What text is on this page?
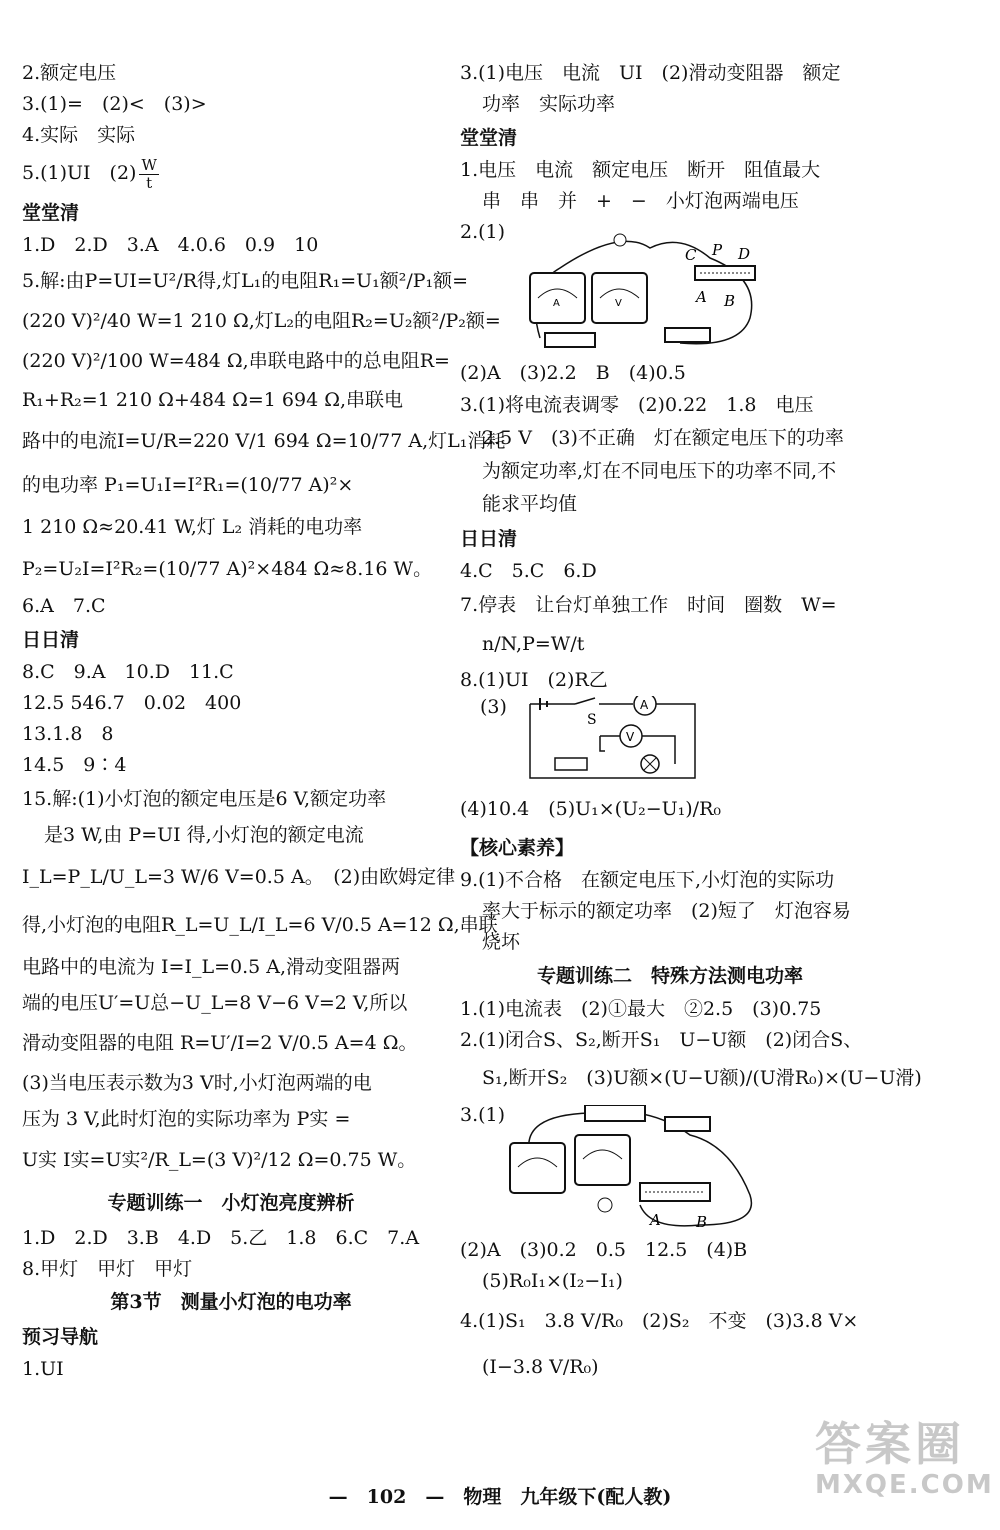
2.额定电压

3.(1)=　(2)<　(3)>

4.实际　实际

5.(1)UI　$(2) \frac{W}{t}$

堂堂清

1.D　2.D　3.A　4.0.6　0.9　10

5.解:由P=UI=U²/R得,灯L₁的电阻R₁=U₁额²/P₁额=

(220 V)²/40 W=1 210 Ω,灯L₂的电阻R₂=U₂额²/P₂额=

(220 V)²/100 W=484 Ω,串联电路中的总电阻R=

R₁+R₂=1 210 Ω+484 Ω=1 694 Ω,串联电

路中的电流I=U/R=220 V/1 694 Ω=10/77 A,灯L₁消耗

的电功率 P₁=U₁I=I²R₁=(10/77 A)²×

1 210 Ω≈20.41 W,灯 L₂ 消耗的电功率

P₂=U₂I=I²R₂=(10/77 A)²×484 Ω≈8.16 W。

6.A　7.C

日日清

8.C　9.A　10.D　11.C

12.5 546.7　0.02　400

13.1.8　8

14.5　9∶4

15.解:(1)小灯泡的额定电压是6 V,额定功率

是3 W,由 P=UI 得,小灯泡的额定电流

I_L=P_L/U_L=3 W/6 V=0.5 A。　(2)由欧姆定律

得,小灯泡的电阻R_L=U_L/I_L=6 V/0.5 A=12 Ω,串联

电路中的电流为 I=I_L=0.5 A,滑动变阻器两

端的电压U′=U总−U_L=8 V−6 V=2 V,所以

滑动变阻器的电阻 R=U′/I=2 V/0.5 A=4 Ω。

(3)当电压表示数为3 V时,小灯泡两端的电

压为 3 V,此时灯泡的实际功率为 P实 =

U实 I实=U实²/R_L=(3 V)²/12 Ω=0.75 W。

专题训练一　小灯泡亮度辨析

1.D　2.D　3.B　4.D　5.乙　1.8　6.C　7.A

8.甲灯　甲灯　甲灯

第3节　测量小灯泡的电功率

预习导航

1.UI

3.(1)电压　电流　UI　(2)滑动变阻器　额定

功率　实际功率

堂堂清

1.电压　电流　额定电压　断开　阻值最大

串　串　并　+　−　小灯泡两端电压

2.(1)

A	V
C P D
A B

(2)A　(3)2.2　B　(4)0.5

3.(1)将电流表调零　(2)0.22　1.8　电压

2.5 V　(3)不正确　灯在额定电压下的功率

为额定功率,灯在不同电压下的功率不同,不

能求平均值

日日清

4.C　5.C　6.D

7.停表　让台灯单独工作　时间　圈数　W=

n/N,P=W/t

8.(1)UI　(2)R乙

(3)	A
S
V

(4)10.4　(5)U₁×(U₂−U₁)/R₀

【核心素养】

9.(1)不合格　在额定电压下,小灯泡的实际功

率大于标示的额定功率　(2)短了　灯泡容易

烧坏

专题训练二　特殊方法测电功率

1.(1)电流表　(2)①最大　②2.5　(3)0.75

2.(1)闭合S、S₂,断开S₁　U−U额　(2)闭合S、

S₁,断开S₂　(3)U额×(U−U额)/(U滑R₀)×(U−U滑)

3.(1)

A B

(2)A　(3)0.2　0.5　12.5　(4)B

(5)R₀I₁×(I₂−I₁)

4.(1)S₁　3.8 V/R₀　(2)S₂　不变　(3)3.8 V×

(I−3.8 V/R₀)

—　102　—　物理　九年级下(配人教)
答案圈
MXQE.COM
